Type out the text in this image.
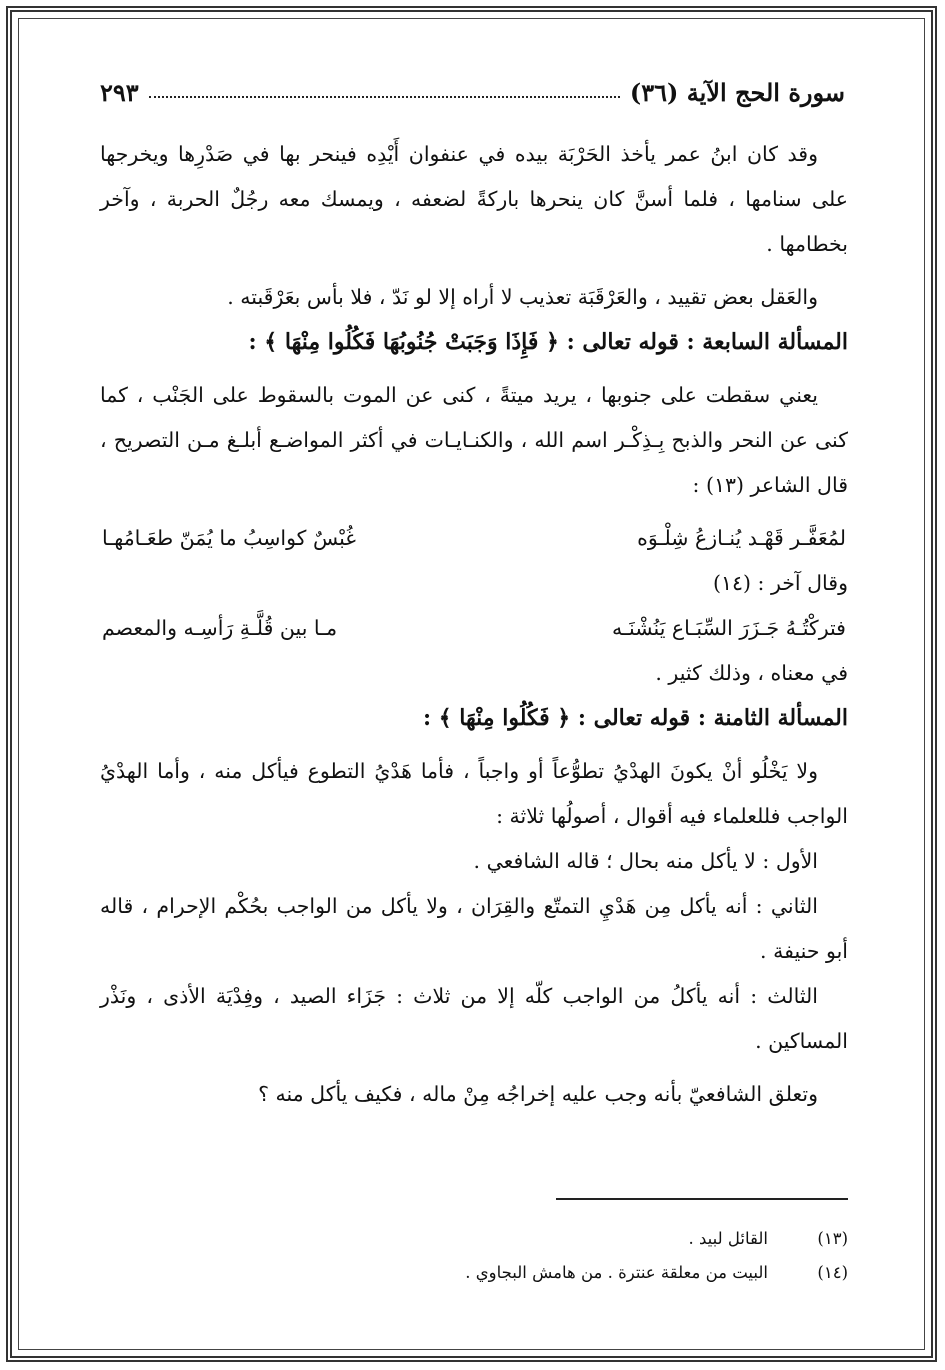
سورة الحج الآية (٣٦)
٢٩٣

وقد كان ابنُ عمر يأخذ الحَرْبَة بيده في عنفوان أَيْدِه فينحر بها في صَدْرِها ويخرجها على سنامها ، فلما أسنَّ كان ينحرها باركةً لضعفه ، ويمسك معه رجُلٌ الحربة ، وآخر بخطامها .

والعَقل بعض تقييد ، والعَرْقَبَة تعذيب لا أراه إلا لو نَدّ ، فلا بأس بعَرْقَبته .

المسألة السابعة : قوله تعالى : ﴿ فَإِذَا وَجَبَتْ جُنُوبُهَا فَكُلُوا مِنْهَا ﴾ :

يعني سقطت على جنوبها ، يريد ميتةً ، كنى عن الموت بالسقوط على الجَنْب ، كما كنى عن النحر والذبح بِـذِكْـر اسم الله ، والكنـايـات في أكثر المواضـع أبلـغ مـن التصريح ، قال الشاعر (١٣) :

لمُعَفَّـر قَهْـد يُنـازعُ شِلْـوَه
غُبْسٌ كواسِبُ ما يُمَنّ طعَـامُهـا

وقال آخر : (١٤)

فتركْتُـهُ جَـزَرَ السِّبَـاع يَنُشْنَـه
مـا بين قُلَّـةِ رَأسِـه والمعصم

في معناه ، وذلك كثير .

المسألة الثامنة : قوله تعالى : ﴿ فَكُلُوا مِنْهَا ﴾ :

ولا يَخْلُو أنْ يكونَ الهدْيُ تطوُّعاً أو واجباً ، فأما هَدْيُ التطوع فيأكل منه ، وأما الهدْيُ الواجب فللعلماء فيه أقوال ، أصولُها ثلاثة :

الأول : لا يأكل منه بحال ؛ قاله الشافعي .

الثاني : أنه يأكل مِن هَدْيِ التمتّع والقِرَان ، ولا يأكل من الواجب بحُكْم الإحرام ، قاله أبو حنيفة .

الثالث : أنه يأكلُ من الواجب كلّه إلا من ثلاث : جَزَاء الصيد ، وفِدْيَة الأذى ، ونَذْر المساكين .

وتعلق الشافعيّ بأنه وجب عليه إخراجُه مِنْ ماله ، فكيف يأكل منه ؟

(١٣)
القائل لبيد .
(١٤)
البيت من معلقة عنترة . من هامش البجاوي .
